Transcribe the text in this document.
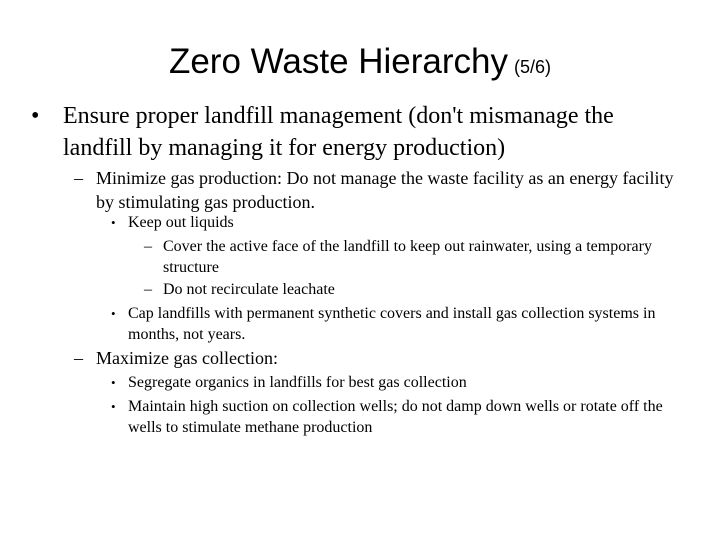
Zero Waste Hierarchy (5/6)
• Ensure proper landfill management (don't mismanage the landfill by managing it for energy production)
– Minimize gas production: Do not manage the waste facility as an energy facility by stimulating gas production.
• Keep out liquids
– Cover the active face of the landfill to keep out rainwater, using a temporary structure
– Do not recirculate leachate
• Cap landfills with permanent synthetic covers and install gas collection systems in months, not years.
– Maximize gas collection:
• Segregate organics in landfills for best gas collection
• Maintain high suction on collection wells; do not damp down wells or rotate off the wells to stimulate methane production
